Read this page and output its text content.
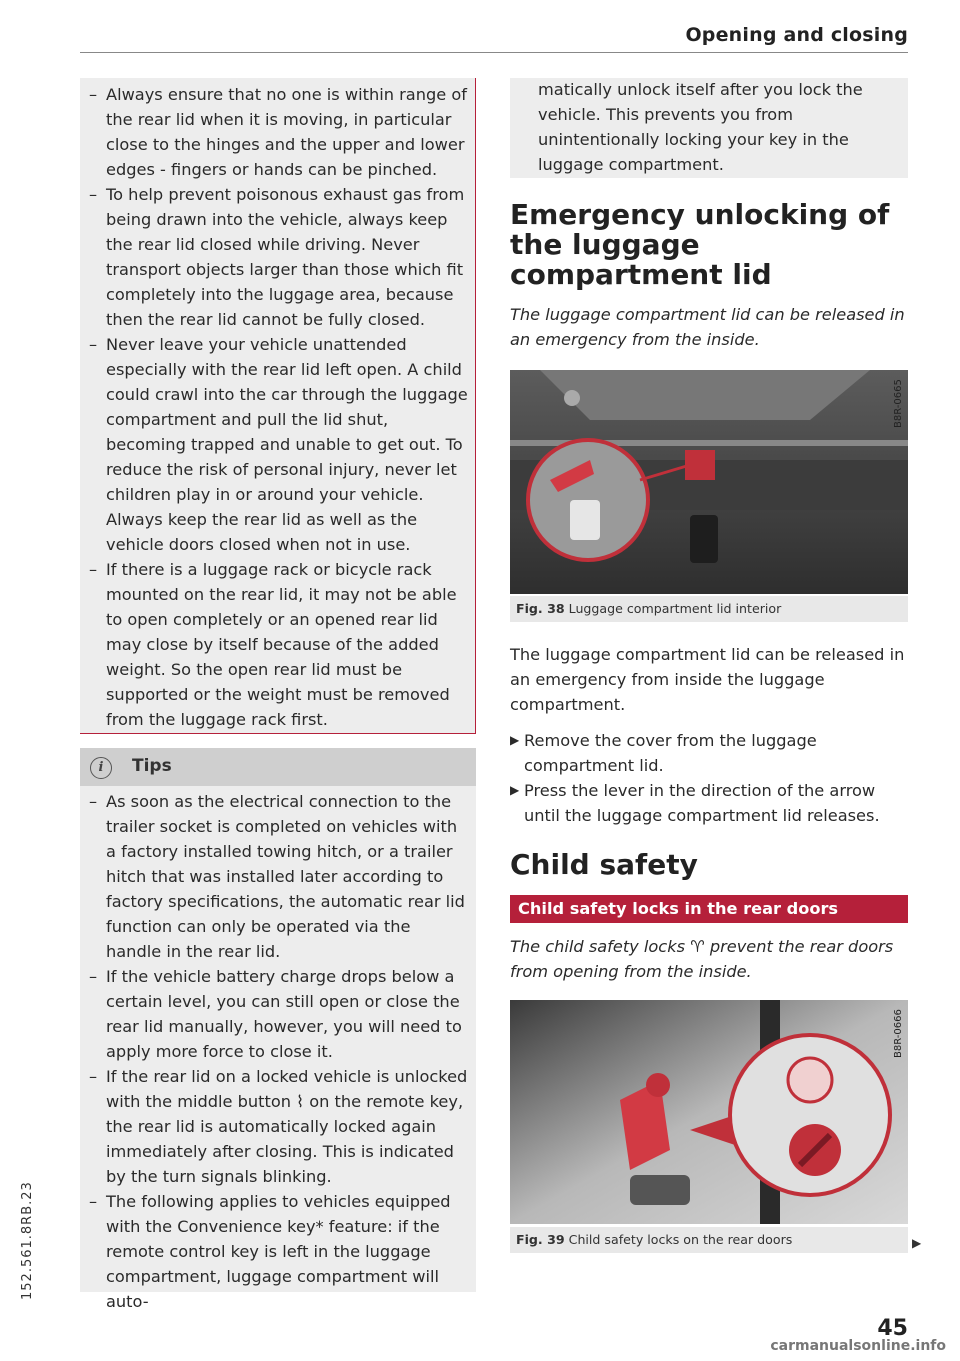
Opening and closing
152.561.8RB.23
– Always ensure that no one is within range of the rear lid when it is moving, in particular close to the hinges and the upper and lower edges - fingers or hands can be pinched.
– To help prevent poisonous exhaust gas from being drawn into the vehicle, always keep the rear lid closed while driving. Never transport objects larger than those which fit completely into the luggage area, because then the rear lid cannot be fully closed.
– Never leave your vehicle unattended especially with the rear lid left open. A child could crawl into the car through the luggage compartment and pull the lid shut, becoming trapped and unable to get out. To reduce the risk of personal injury, never let children play in or around your vehicle. Always keep the rear lid as well as the vehicle doors closed when not in use.
– If there is a luggage rack or bicycle rack mounted on the rear lid, it may not be able to open completely or an opened rear lid may close by itself because of the added weight. So the open rear lid must be supported or the weight must be removed from the luggage rack first.
i	Tips
– As soon as the electrical connection to the trailer socket is completed on vehicles with a factory installed towing hitch, or a trailer hitch that was installed later according to factory specifications, the automatic rear lid function can only be operated via the handle in the rear lid.
– If the vehicle battery charge drops below a certain level, you can still open or close the rear lid manually, however, you will need to apply more force to close it.
– If the rear lid on a locked vehicle is unlocked with the middle button ⌇ on the remote key, the rear lid is automatically locked again immediately after closing. This is indicated by the turn signals blinking.
– The following applies to vehicles equipped with the Convenience key* feature: if the remote control key is left in the luggage compartment, luggage compartment will auto-
matically unlock itself after you lock the vehicle. This prevents you from unintentionally locking your key in the luggage compartment.
Emergency unlocking of the luggage compartment lid
The luggage compartment lid can be released in an emergency from the inside.
B8R-0665
Fig. 38 Luggage compartment lid interior
The luggage compartment lid can be released in an emergency from inside the luggage compartment.
▶ Remove the cover from the luggage compartment lid.
▶ Press the lever in the direction of the arrow until the luggage compartment lid releases.
Child safety
Child safety locks in the rear doors
The child safety locks ♈ prevent the rear doors from opening from the inside.
B8R-0666
Fig. 39 Child safety locks on the rear doors	▶
45
carmanualsonline.info
